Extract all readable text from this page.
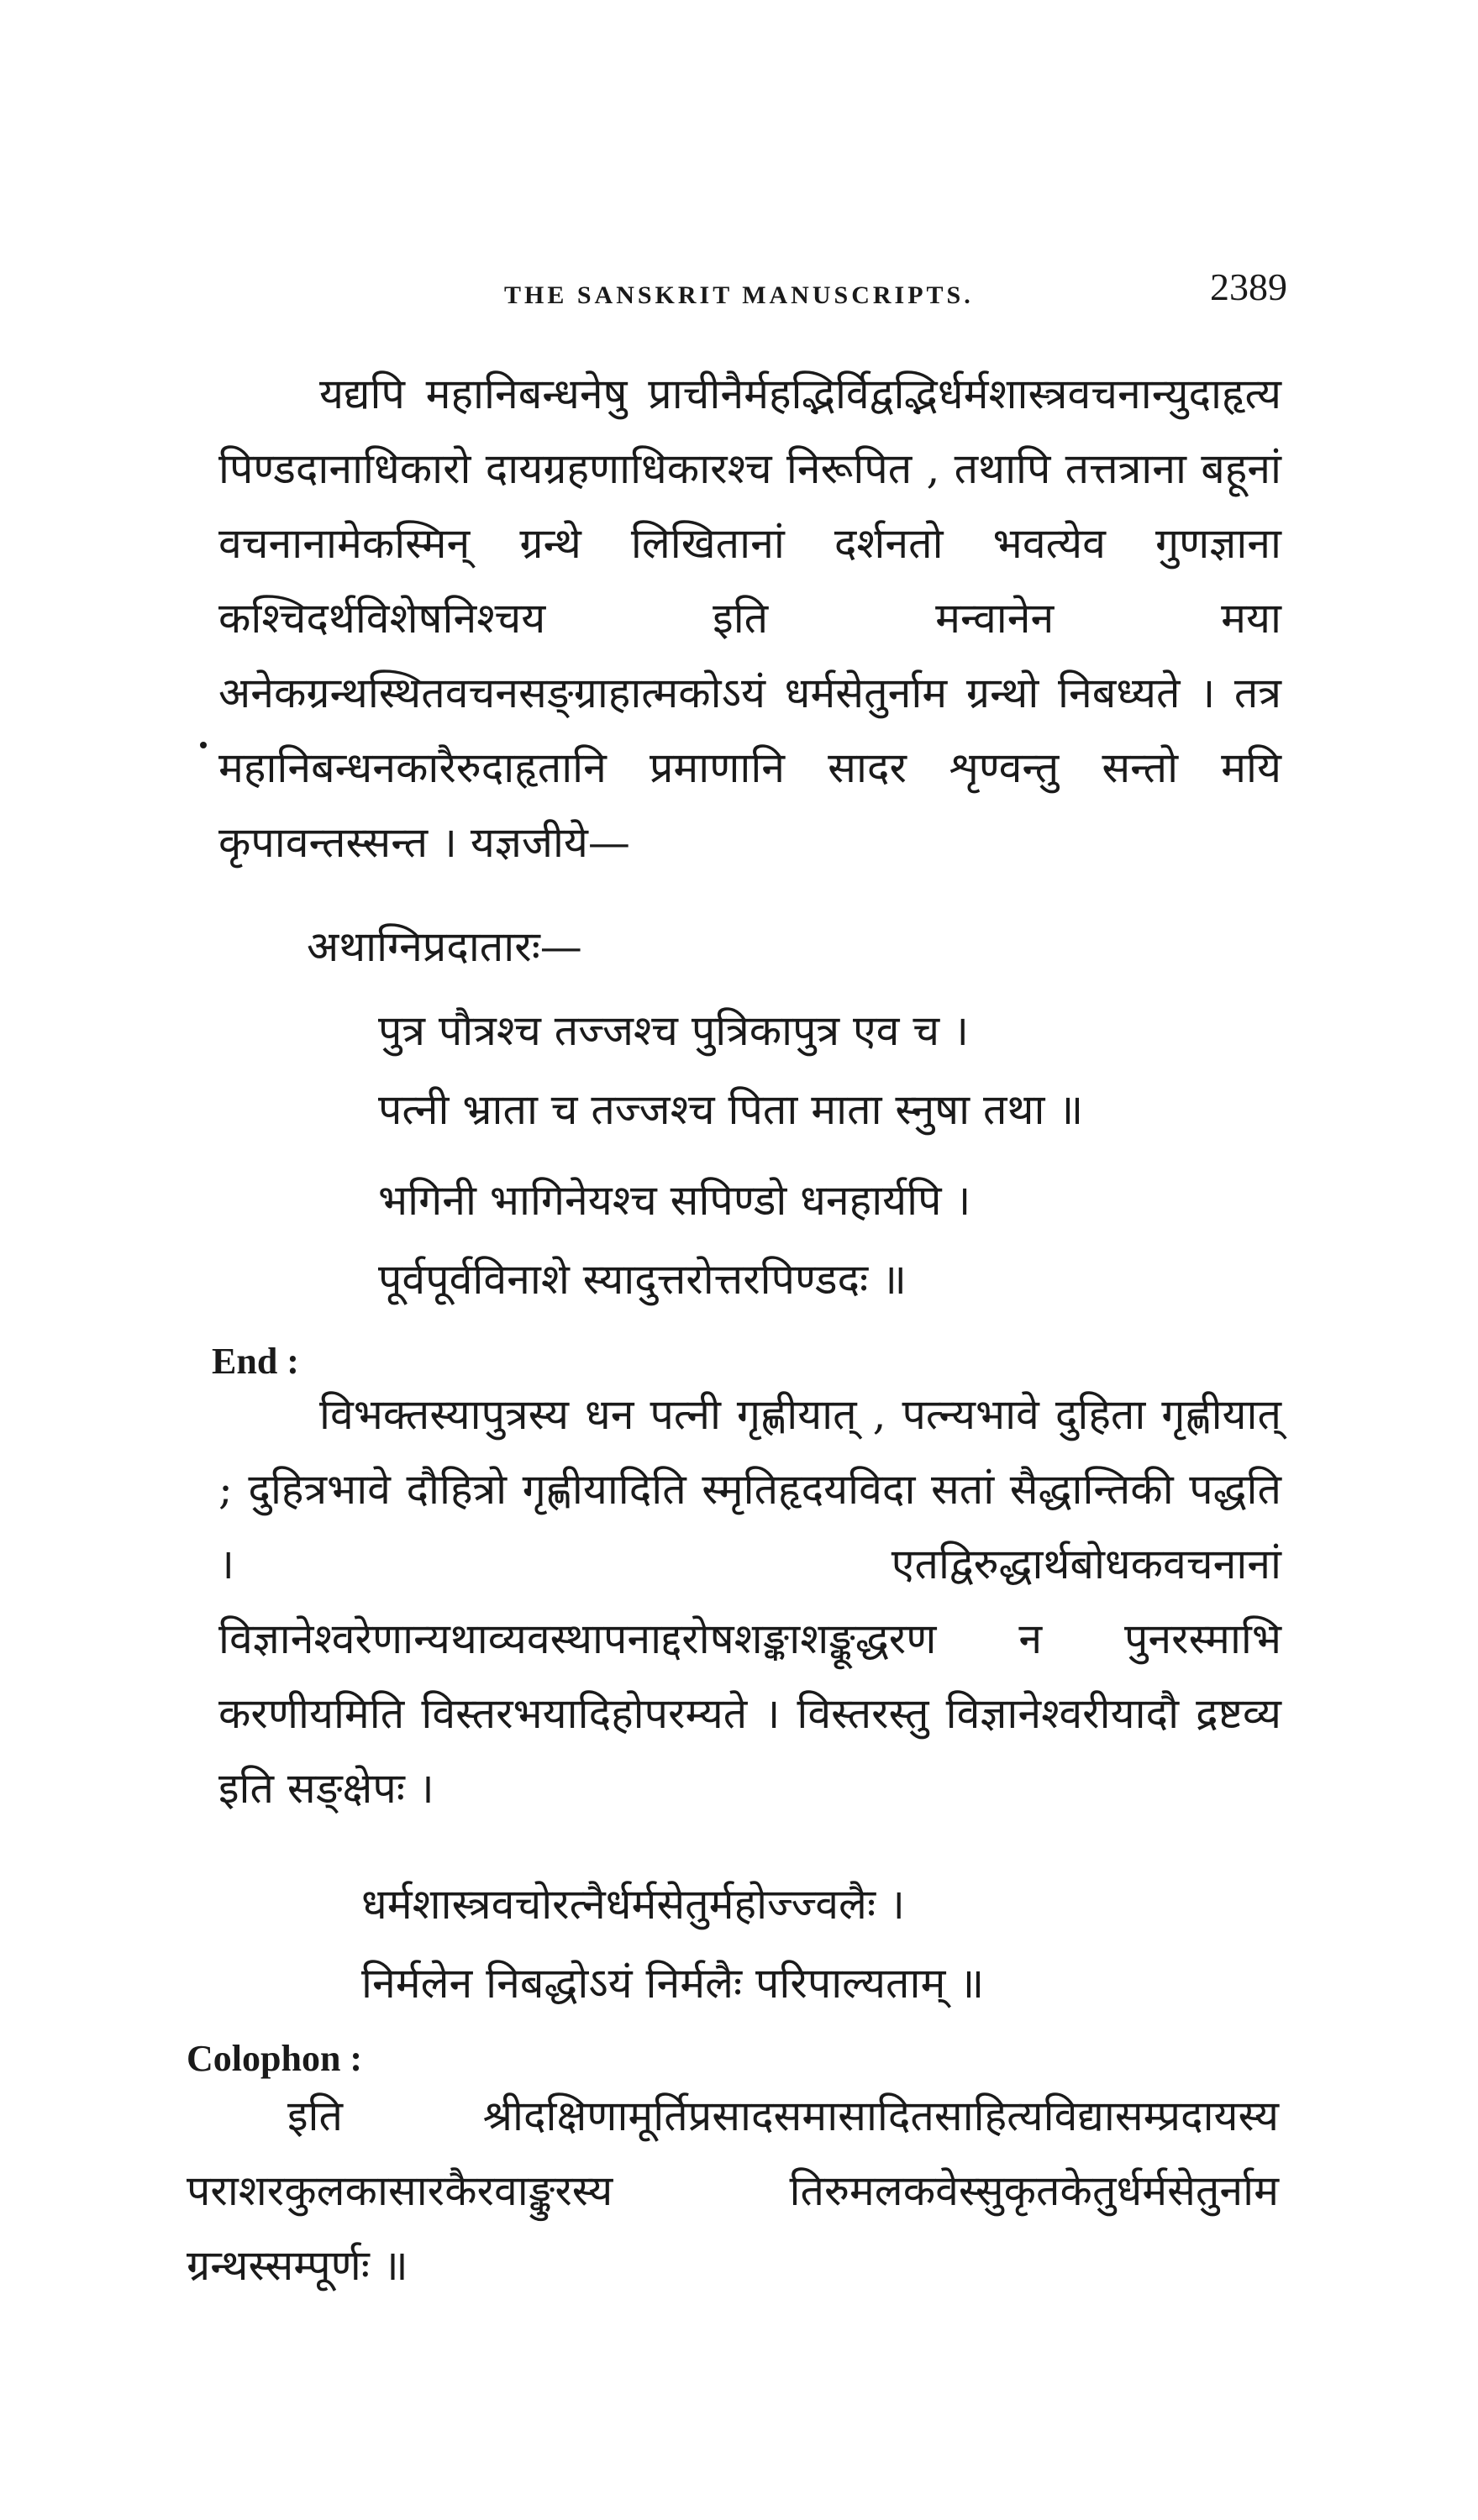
THE SANSKRIT MANUSCRIPTS.	2389

यद्यपि महानिबन्धनेषु प्राचीनैर्महद्भिर्विद्वद्भिर्धर्मशास्त्रवचनान्युदाहृत्य पिण्डदानाधिकारो दायग्रहणाधिकारश्च निरूपित , तथापि तत्तत्राना बहूनां वचनानामेकस्मिन् ग्रन्थे लिखितानां दर्शनतो भवत्येव गुणज्ञाना कश्चिदर्थविशेषनिश्चय इति मन्वानेन मया अनेकग्रन्थस्थितवचनसङ्ग्राहात्मकोऽयं धर्मसेतुर्नाम ग्रन्थो निबध्यते । तत्र महानिबन्धनकारैरुदाहृतानि प्रमाणानि सादर शृण्वन्तु सन्तो मयि कृपावन्तस्सन्त । यज्ञजीये—

अथाग्निप्रदातारः—
पुत्र पौत्रश्च तज्जश्च पुत्रिकापुत्र एव च ।
पत्नी भ्राता च तज्जश्च पिता माता स्नुषा तथा ॥
भगिनी भागिनेयश्च सपिण्डो धनहार्यपि ।
पूर्वपूर्वविनाशे स्यादुत्तरोत्तरपिण्डदः ॥
End :

विभक्तस्यापुत्रस्य धन पत्नी गृह्णीयात् , पत्न्यभावे दुहिता गृह्णीयात् ; दुहित्रभावे दौहित्रो गृह्णीयादिति स्मृतिहृदयविदा सतां सैद्धान्तिकी पद्धति । एतद्विरुद्धार्थबोधकवचनानां विज्ञानेश्वरेणान्यथाव्यवस्थापनाद्दरोषशङ्काशङ्कूद्धरण न पुनरस्माभि करणीयमिति विस्तरभयादिहोपरम्यते । विस्तरस्तु विज्ञानेश्वरीयादौ द्रष्टव्य इति सङ्क्षेपः ।

धर्मशास्त्रवचोरत्नैर्धर्मसेतुर्महोज्ज्वलैः ।
निर्मलेन निबद्धोऽयं निर्मलैः परिपाल्यताम् ॥
Colophon :

इति श्रीदक्षिणामूर्तिप्रसादसमासादितसाहित्यविद्यासम्प्रदायस्य पराशरकुलकासारकैरवाङ्कुरस्य तिरुमलकवेस्सुकृतकेतुर्धर्मसेतुर्नाम ग्रन्थस्सम्पूर्णः ॥
